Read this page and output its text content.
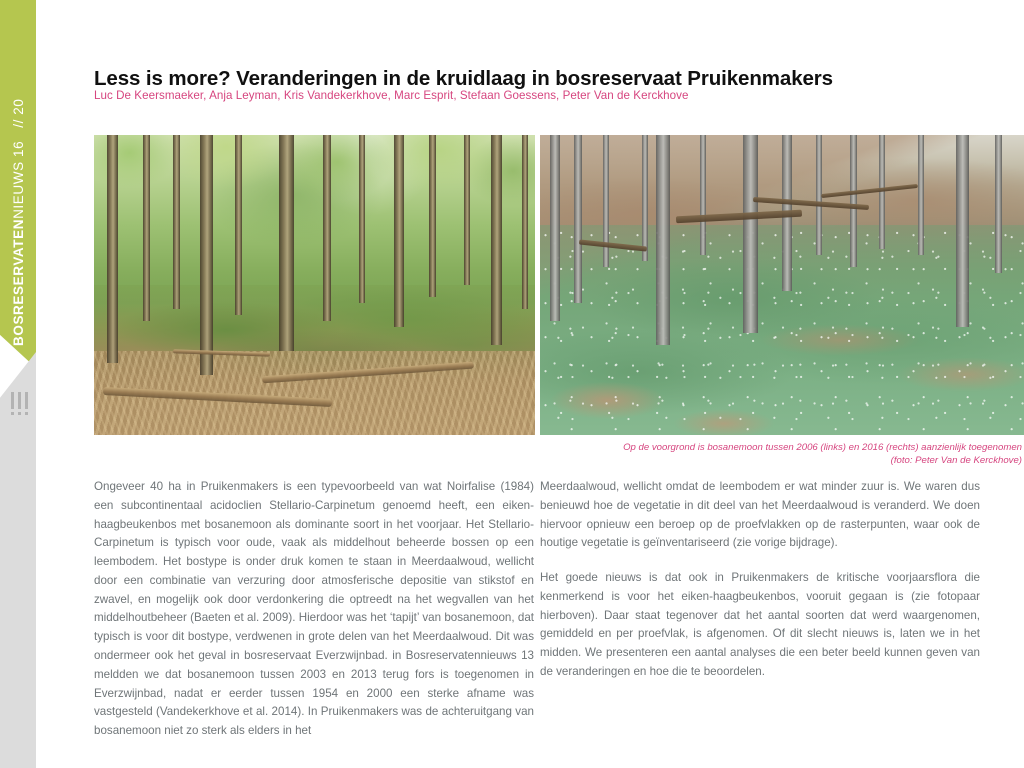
BOSRESERVATEN
NIEUWS 16
// 20
Less is more? Veranderingen in de kruidlaag in bosreservaat Pruikenmakers
Luc De Keersmaeker, Anja Leyman, Kris Vandekerkhove, Marc Esprit, Stefaan Goessens, Peter Van de Kerckhove
Op de voorgrond is bosanemoon tussen 2006 (links) en 2016 (rechts) aanzienlijk toegenomen
(foto: Peter Van de Kerckhove)

Ongeveer 40 ha in Pruikenmakers is een typevoorbeeld van wat Noirfalise (1984) een subcontinentaal acidoclien Stellario-Carpinetum genoemd heeft, een eiken-haagbeukenbos met bosanemoon als dominante soort in het voorjaar. Het Stellario-Carpinetum is typisch voor oude, vaak als middelhout beheerde bossen op een leembodem. Het bostype is onder druk komen te staan in Meerdaalwoud, wellicht door een combinatie van verzuring door atmosferische depositie van stikstof en zwavel, en mogelijk ook door verdonkering die optreedt na het wegvallen van het middelhoutbeheer (Baeten et al. 2009). Hierdoor was het ‘tapijt’ van bosanemoon, dat typisch is voor dit bostype, verdwenen in grote delen van het Meerdaalwoud. Dit was ondermeer ook het geval in bosreservaat Everzwijnbad. in Bosreservatennieuws 13 meldden we dat bosanemoon tussen 2003 en 2013 terug fors is toegenomen in Everzwijnbad, nadat er eerder tussen 1954 en 2000 een sterke afname was vastgesteld (Vandekerkhove et al. 2014). In Pruikenmakers was de achteruitgang van bosanemoon niet zo sterk als elders in het

Meerdaalwoud, wellicht omdat de leembodem er wat minder zuur is. We waren dus benieuwd hoe de vegetatie in dit deel van het Meerdaalwoud is veranderd. We doen hiervoor opnieuw een beroep op de proefvlakken op de rasterpunten, waar ook de houtige vegetatie is geïnventariseerd (zie vorige bijdrage).

Het goede nieuws is dat ook in Pruikenmakers de kritische voorjaarsflora die kenmerkend is voor het eiken-haagbeukenbos, vooruit gegaan is (zie fotopaar hierboven). Daar staat tegenover dat het aantal soorten dat werd waargenomen, gemiddeld en per proefvlak, is afgenomen. Of dit slecht nieuws is, laten we in het midden. We presenteren een aantal analyses die een beter beeld kunnen geven van de veranderingen en hoe die te beoordelen.
